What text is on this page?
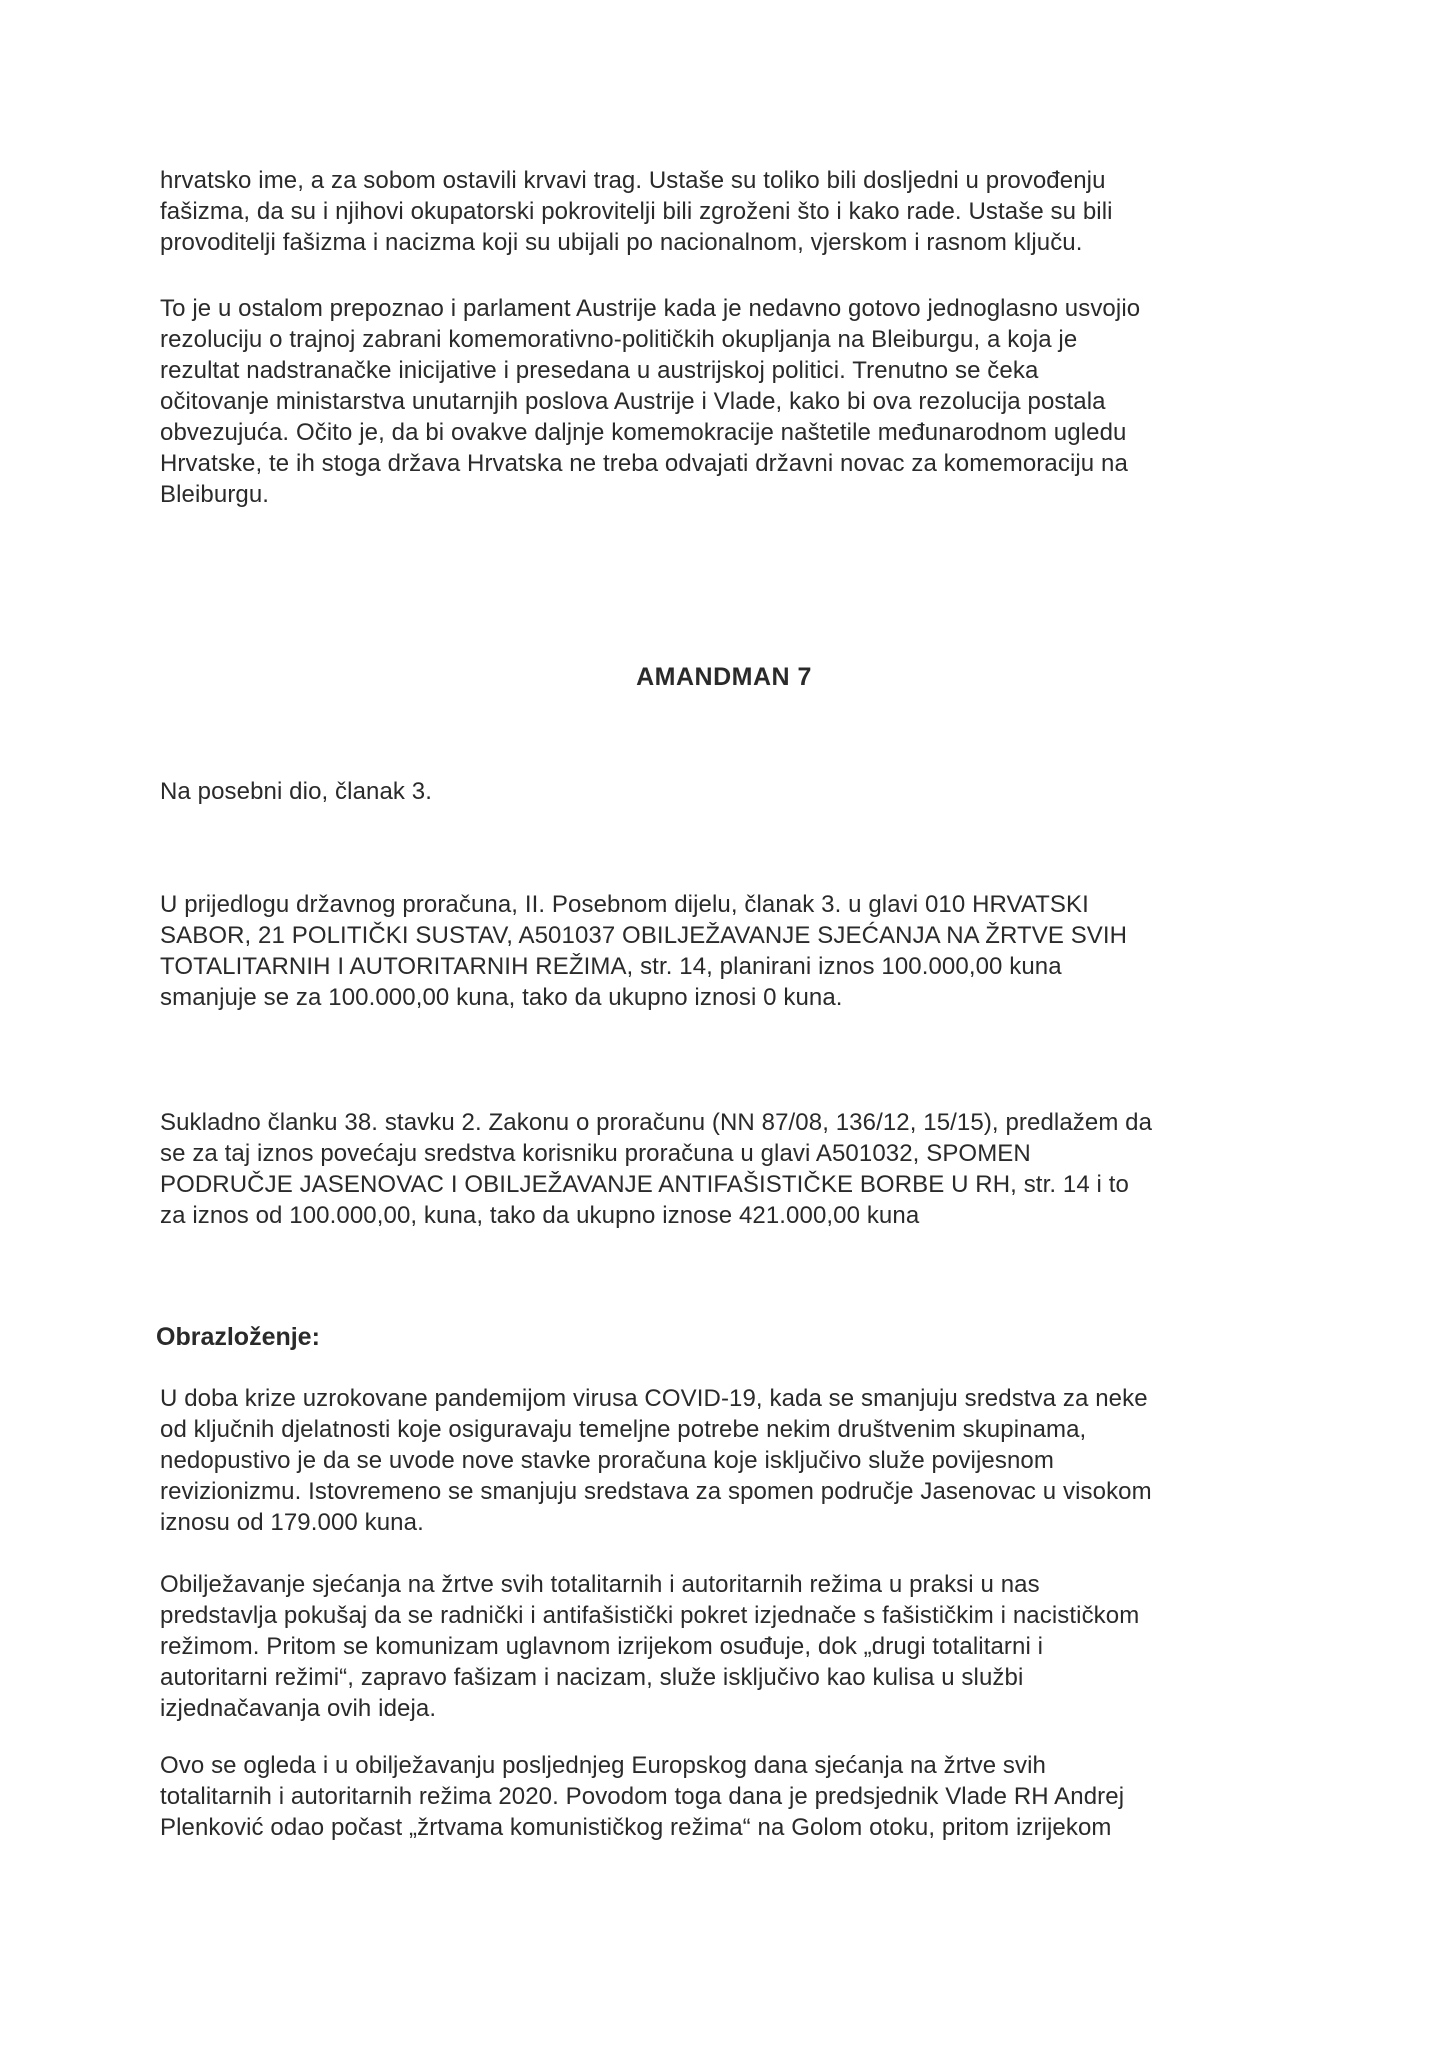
hrvatsko ime, a za sobom ostavili krvavi trag. Ustaše su toliko bili dosljedni u provođenju
fašizma, da su i njihovi okupatorski pokrovitelji bili zgroženi što i kako rade. Ustaše su bili
provoditelji fašizma i nacizma koji su ubijali po nacionalnom, vjerskom i rasnom ključu.

To je u ostalom prepoznao i parlament Austrije kada je nedavno gotovo jednoglasno usvojio
rezoluciju o trajnoj zabrani komemorativno-političkih okupljanja na Bleiburgu, a koja je
rezultat nadstranačke inicijative i presedana u austrijskoj politici. Trenutno se čeka
očitovanje ministarstva unutarnjih poslova Austrije i Vlade, kako bi ova rezolucija postala
obvezujuća. Očito je, da bi ovakve daljnje komemokracije naštetile međunarodnom ugledu
Hrvatske, te ih stoga država Hrvatska ne treba odvajati državni novac za komemoraciju na
Bleiburgu.

AMANDMAN 7

Na posebni dio, članak 3.

U prijedlogu državnog proračuna, II. Posebnom dijelu, članak 3. u glavi 010 HRVATSKI
SABOR, 21 POLITIČKI SUSTAV, A501037 OBILJEŽAVANJE SJEĆANJA NA ŽRTVE SVIH
TOTALITARNIH I AUTORITARNIH REŽIMA, str. 14, planirani iznos 100.000,00 kuna
smanjuje se za 100.000,00 kuna, tako da ukupno iznosi 0 kuna.

Sukladno članku 38. stavku 2. Zakonu o proračunu (NN 87/08, 136/12, 15/15), predlažem da
se za taj iznos povećaju sredstva korisniku proračuna u glavi A501032, SPOMEN
PODRUČJE JASENOVAC I OBILJEŽAVANJE ANTIFAŠISTIČKE BORBE U RH, str. 14 i to
za iznos od 100.000,00, kuna, tako da ukupno iznose 421.000,00 kuna

Obrazloženje:

U doba krize uzrokovane pandemijom virusa COVID-19, kada se smanjuju sredstva za neke
od ključnih djelatnosti koje osiguravaju temeljne potrebe nekim društvenim skupinama,
nedopustivo je da se uvode nove stavke proračuna koje isključivo služe povijesnom
revizionizmu. Istovremeno se smanjuju sredstava za spomen područje Jasenovac u visokom
iznosu od 179.000 kuna.

Obilježavanje sjećanja na žrtve svih totalitarnih i autoritarnih režima u praksi u nas
predstavlja pokušaj da se radnički i antifašistički pokret izjednače s fašističkim i nacističkom
režimom. Pritom se komunizam uglavnom izrijekom osuđuje, dok „drugi totalitarni i
autoritarni režimi“, zapravo fašizam i nacizam, služe isključivo kao kulisa u službi
izjednačavanja ovih ideja.

Ovo se ogleda i u obilježavanju posljednjeg Europskog dana sjećanja na žrtve svih
totalitarnih i autoritarnih režima 2020. Povodom toga dana je predsjednik Vlade RH Andrej
Plenković odao počast „žrtvama komunističkog režima“ na Golom otoku, pritom izrijekom
